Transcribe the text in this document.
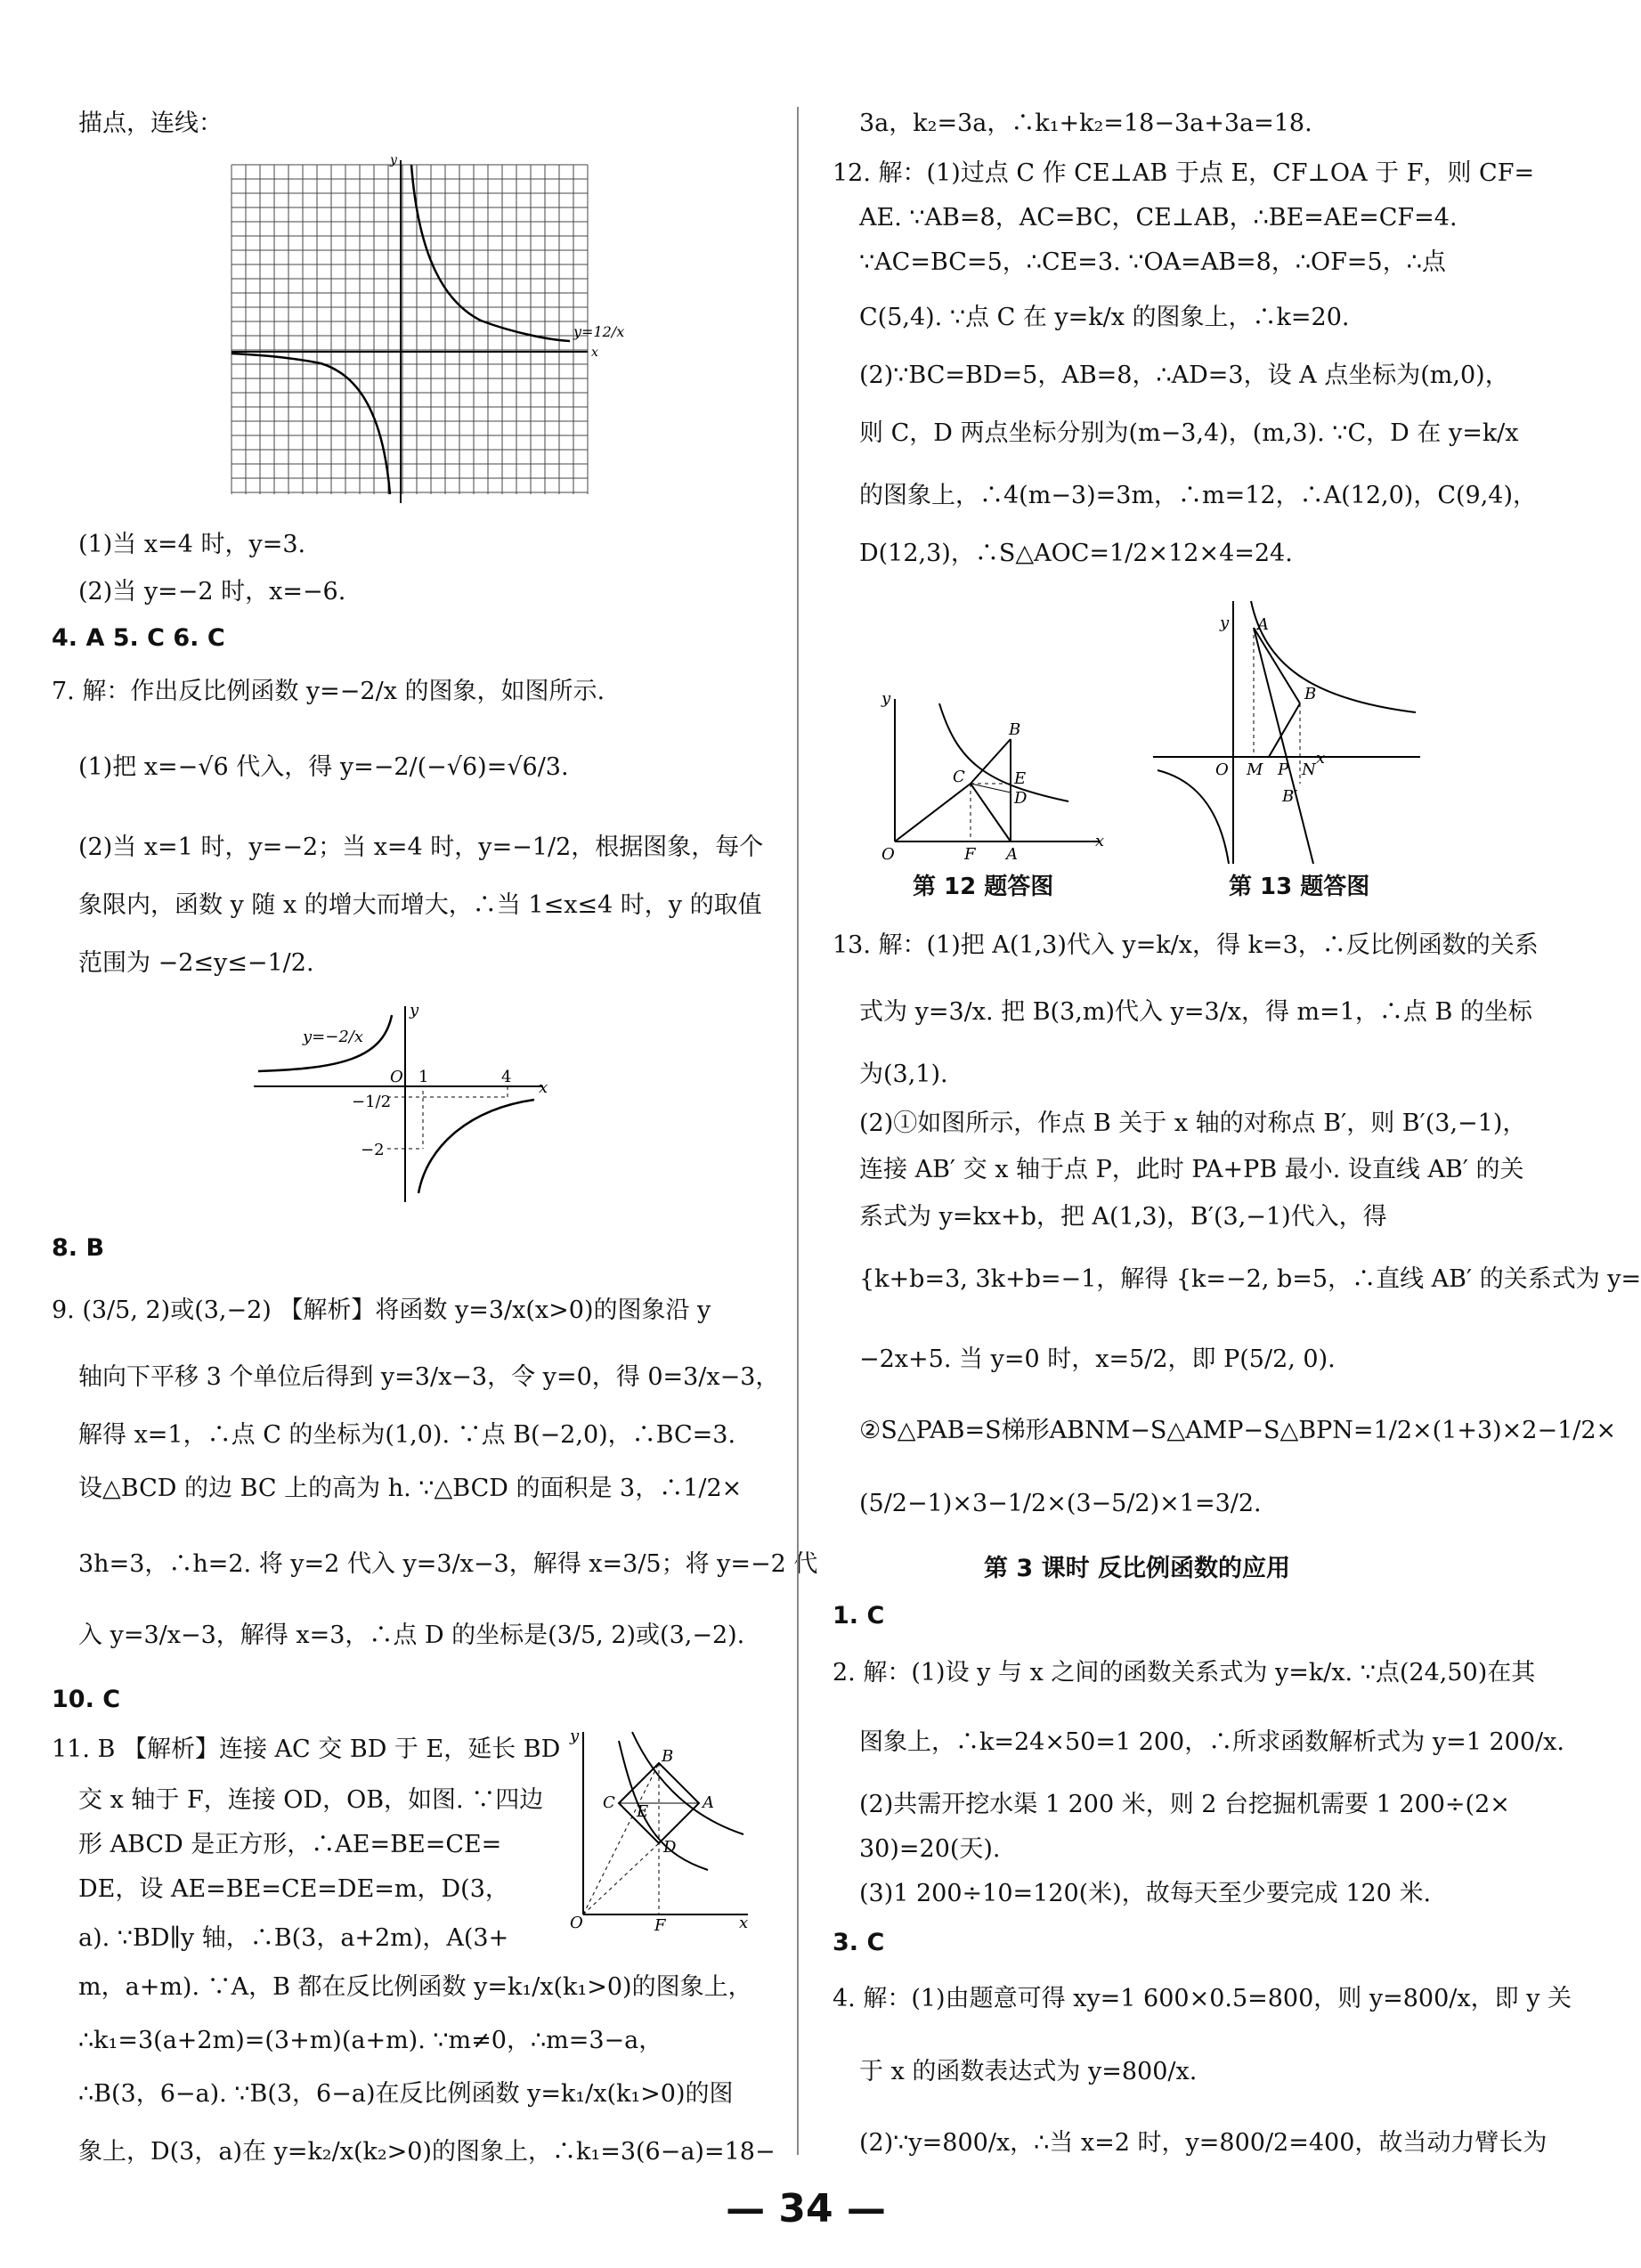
描点，连线：
x
y
y=12/x
(1)当 x=4 时，y=3.
(2)当 y=−2 时，x=−6.
4. A 5. C 6. C
7. 解：作出反比例函数 y=−2/x 的图象，如图所示.
(1)把 x=−√6 代入，得 y=−2/(−√6)=√6/3.
(2)当 x=1 时，y=−2；当 x=4 时，y=−1/2，根据图象，每个
象限内，函数 y 随 x 的增大而增大，∴当 1≤x≤4 时，y 的取值
范围为 −2≤y≤−1/2.
y=−2/x
O 1	4
−1/2
−2
x
y
8. B
9. (3/5, 2)或(3,−2) 【解析】将函数 y=3/x(x>0)的图象沿 y
轴向下平移 3 个单位后得到 y=3/x−3，令 y=0，得 0=3/x−3，
解得 x=1，∴点 C 的坐标为(1,0). ∵点 B(−2,0)，∴BC=3.
设△BCD 的边 BC 上的高为 h. ∵△BCD 的面积是 3，∴1/2×
3h=3，∴h=2. 将 y=2 代入 y=3/x−3，解得 x=3/5；将 y=−2 代
入 y=3/x−3，解得 x=3，∴点 D 的坐标是(3/5, 2)或(3,−2).
10. C
11. B 【解析】连接 AC 交 BD 于 E，延长 BD
交 x 轴于 F，连接 OD，OB，如图. ∵四边
形 ABCD 是正方形，∴AE=BE=CE=
DE，设 AE=BE=CE=DE=m，D(3，
a). ∵BD∥y 轴，∴B(3，a+2m)，A(3+
m，a+m). ∵A，B 都在反比例函数 y=k₁/x(k₁>0)的图象上，
∴k₁=3(a+2m)=(3+m)(a+m). ∵m≠0，∴m=3−a，
∴B(3，6−a). ∵B(3，6−a)在反比例函数 y=k₁/x(k₁>0)的图
象上，D(3，a)在 y=k₂/x(k₂>0)的图象上，∴k₁=3(6−a)=18−
y
B
A
C E
D
O	F	x
3a，k₂=3a，∴k₁+k₂=18−3a+3a=18.
12. 解：(1)过点 C 作 CE⊥AB 于点 E，CF⊥OA 于 F，则 CF=
AE. ∵AB=8，AC=BC，CE⊥AB，∴BE=AE=CF=4.
∵AC=BC=5，∴CE=3. ∵OA=AB=8，∴OF=5，∴点
C(5,4). ∵点 C 在 y=k/x 的图象上，∴k=20.
(2)∵BC=BD=5，AB=8，∴AD=3，设 A 点坐标为(m,0)，
则 C，D 两点坐标分别为(m−3,4)，(m,3). ∵C，D 在 y=k/x
的图象上，∴4(m−3)=3m，∴m=12，∴A(12,0)，C(9,4)，
D(12,3)，∴S△AOC=1/2×12×4=24.
y
B
C	E
D
O	F A
x
第 12 题答图
y A
B
O M P N
x
B′
第 13 题答图
13. 解：(1)把 A(1,3)代入 y=k/x，得 k=3，∴反比例函数的关系
式为 y=3/x. 把 B(3,m)代入 y=3/x，得 m=1，∴点 B 的坐标
为(3,1).
(2)①如图所示，作点 B 关于 x 轴的对称点 B′，则 B′(3,−1)，
连接 AB′ 交 x 轴于点 P，此时 PA+PB 最小. 设直线 AB′ 的关
系式为 y=kx+b，把 A(1,3)，B′(3,−1)代入，得
{k+b=3, 3k+b=−1，解得 {k=−2, b=5，∴直线 AB′ 的关系式为 y=
−2x+5. 当 y=0 时，x=5/2，即 P(5/2, 0).
②S△PAB=S梯形ABNM−S△AMP−S△BPN=1/2×(1+3)×2−1/2×
(5/2−1)×3−1/2×(3−5/2)×1=3/2.
第 3 课时 反比例函数的应用
1. C
2. 解：(1)设 y 与 x 之间的函数关系式为 y=k/x. ∵点(24,50)在其
图象上，∴k=24×50=1 200，∴所求函数解析式为 y=1 200/x.
(2)共需开挖水渠 1 200 米，则 2 台挖掘机需要 1 200÷(2×
30)=20(天).
(3)1 200÷10=120(米)，故每天至少要完成 120 米.
3. C
4. 解：(1)由题意可得 xy=1 600×0.5=800，则 y=800/x，即 y 关
于 x 的函数表达式为 y=800/x.
(2)∵y=800/x，∴当 x=2 时，y=800/2=400，故当动力臂长为
— 34 —
